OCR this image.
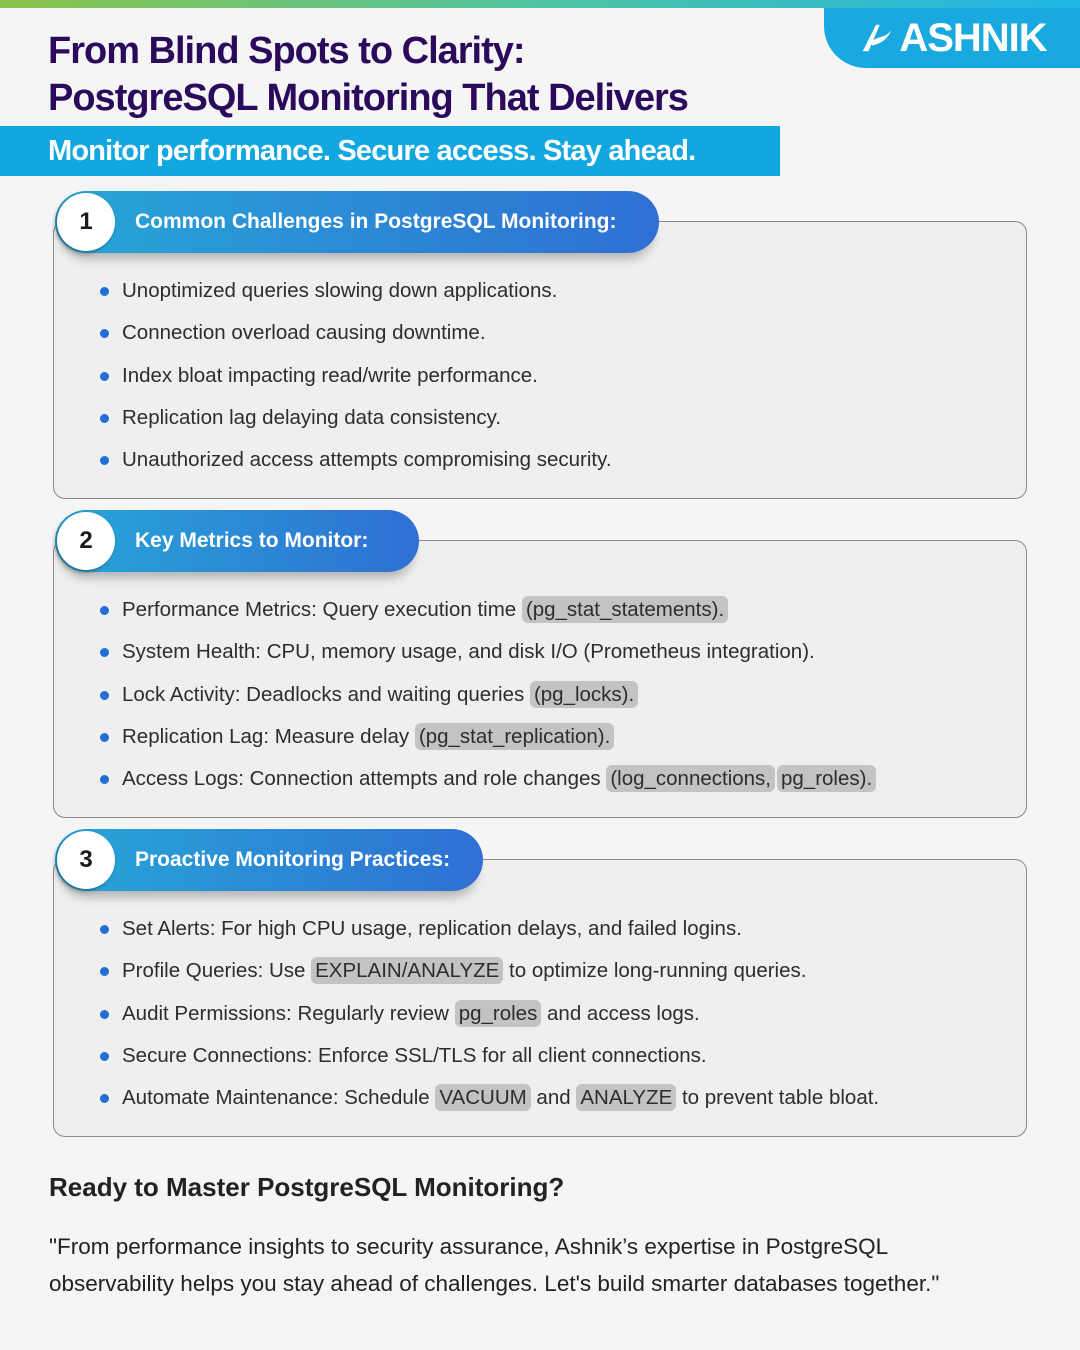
ASHNIK
From Blind Spots to Clarity:
PostgreSQL Monitoring That Delivers

Monitor performance. Secure access. Stay ahead.

Unoptimized queries slowing down applications.
Connection overload causing downtime.
Index bloat impacting read/write performance.
Replication lag delaying data consistency.
Unauthorized access attempts compromising security.
1	Common Challenges in PostgreSQL Monitoring:
Performance Metrics: Query execution time (pg_stat_statements).
System Health: CPU, memory usage, and disk I/O (Prometheus integration).
Lock Activity: Deadlocks and waiting queries (pg_locks).
Replication Lag: Measure delay (pg_stat_replication).
Access Logs: Connection attempts and role changes (log_connections, pg_roles).
2	Key Metrics to Monitor:
Set Alerts: For high CPU usage, replication delays, and failed logins.
Profile Queries: Use EXPLAIN/ANALYZE to optimize long-running queries.
Audit Permissions: Regularly review pg_roles and access logs.
Secure Connections: Enforce SSL/TLS for all client connections.
Automate Maintenance: Schedule VACUUM and ANALYZE to prevent table bloat.
3	Proactive Monitoring Practices:
Ready to Master PostgreSQL Monitoring?

"From performance insights to security assurance, Ashnik’s expertise in PostgreSQL
observability helps you stay ahead of challenges. Let's build smarter databases together."
